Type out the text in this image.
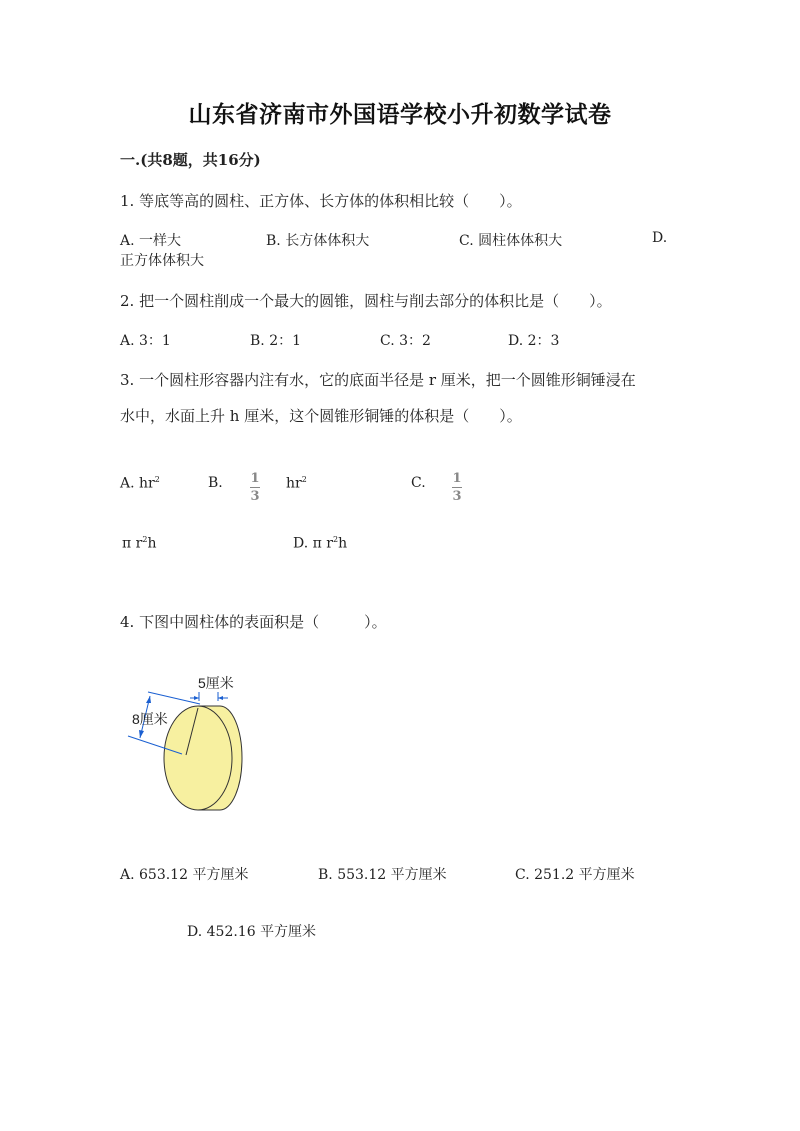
山东省济南市外国语学校小升初数学试卷
一.(共8题，共16分)
1. 等底等高的圆柱、正方体、长方体的体积相比较（　　）。
A. 一样大	B. 长方体体积大	C. 圆柱体体积大	D.
正方体体积大
2. 把一个圆柱削成一个最大的圆锥，圆柱与削去部分的体积比是（　　）。
A. 3：1	B. 2：1	C. 3：2	D. 2：3
3. 一个圆柱形容器内注有水，它的底面半径是 r 厘米，把一个圆锥形铜锤浸在
水中，水面上升 h 厘米，这个圆锥形铜锤的体积是（　　）。
A. $hr^2$	B. $\frac{1}{3} hr^2$	C. $\frac{1}{3}$
π $r^2h$	D. π $r^2h$
4. 下图中圆柱体的表面积是（　　　）。
5厘米
8厘米
A. 653.12 平方厘米	B. 553.12 平方厘米	C. 251.2 平方厘米
D. 452.16 平方厘米
